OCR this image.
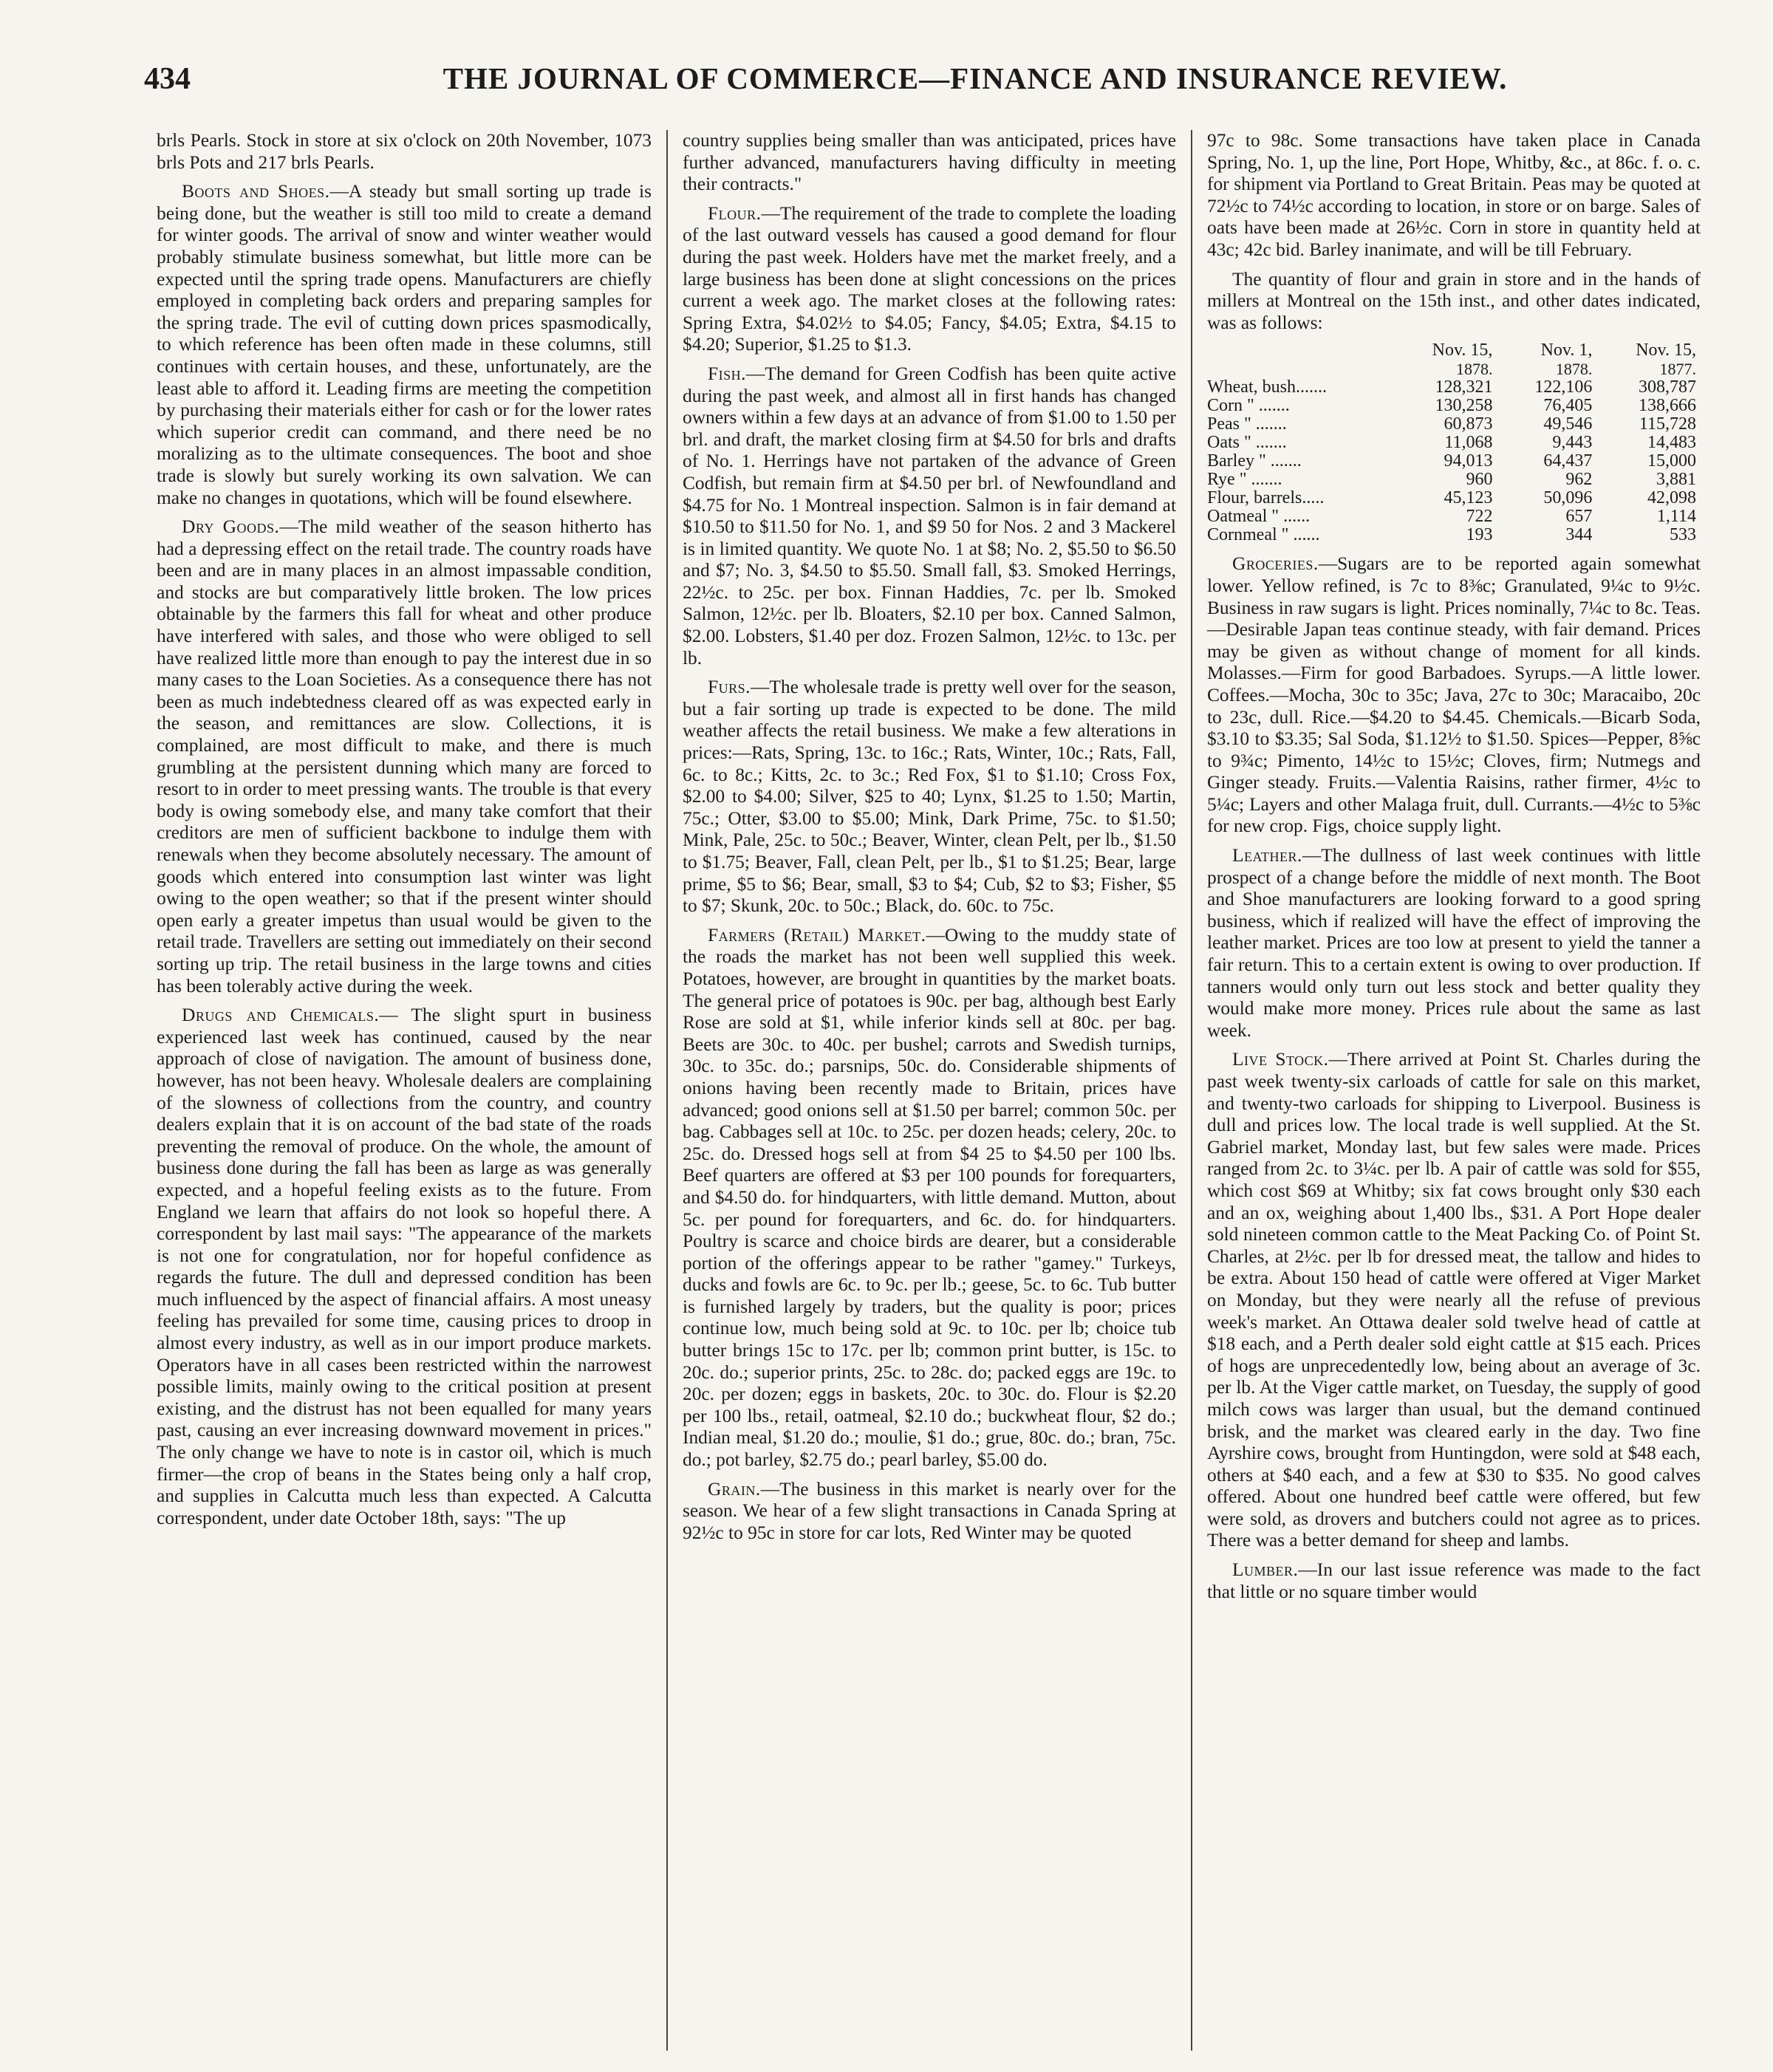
434	THE JOURNAL OF COMMERCE—FINANCE AND INSURANCE REVIEW.

brls Pearls. Stock in store at six o'clock on 20th November, 1073 brls Pots and 217 brls Pearls.

Boots and Shoes.—A steady but small sorting up trade is being done, but the weather is still too mild to create a demand for winter goods. The arrival of snow and winter weather would probably stimulate business somewhat, but little more can be expected until the spring trade opens. Manufacturers are chiefly employed in completing back orders and preparing samples for the spring trade. The evil of cutting down prices spasmodically, to which reference has been often made in these columns, still continues with certain houses, and these, unfortunately, are the least able to afford it. Leading firms are meeting the competition by purchasing their materials either for cash or for the lower rates which superior credit can command, and there need be no moralizing as to the ultimate consequences. The boot and shoe trade is slowly but surely working its own salvation. We can make no changes in quotations, which will be found elsewhere.

Dry Goods.—The mild weather of the season hitherto has had a depressing effect on the retail trade. The country roads have been and are in many places in an almost impassable condition, and stocks are but comparatively little broken. The low prices obtainable by the farmers this fall for wheat and other produce have interfered with sales, and those who were obliged to sell have realized little more than enough to pay the interest due in so many cases to the Loan Societies. As a consequence there has not been as much indebtedness cleared off as was expected early in the season, and remittances are slow. Collections, it is complained, are most difficult to make, and there is much grumbling at the persistent dunning which many are forced to resort to in order to meet pressing wants. The trouble is that every body is owing somebody else, and many take comfort that their creditors are men of sufficient backbone to indulge them with renewals when they become absolutely necessary. The amount of goods which entered into consumption last winter was light owing to the open weather; so that if the present winter should open early a greater impetus than usual would be given to the retail trade. Travellers are setting out immediately on their second sorting up trip. The retail business in the large towns and cities has been tolerably active during the week.

Drugs and Chemicals.— The slight spurt in business experienced last week has continued, caused by the near approach of close of navigation. The amount of business done, however, has not been heavy. Wholesale dealers are complaining of the slowness of collections from the country, and country dealers explain that it is on account of the bad state of the roads preventing the removal of produce. On the whole, the amount of business done during the fall has been as large as was generally expected, and a hopeful feeling exists as to the future. From England we learn that affairs do not look so hopeful there. A correspondent by last mail says: "The appearance of the markets is not one for congratulation, nor for hopeful confidence as regards the future. The dull and depressed condition has been much influenced by the aspect of financial affairs. A most uneasy feeling has prevailed for some time, causing prices to droop in almost every industry, as well as in our import produce markets. Operators have in all cases been restricted within the narrowest possible limits, mainly owing to the critical position at present existing, and the distrust has not been equalled for many years past, causing an ever increasing downward movement in prices." The only change we have to note is in castor oil, which is much firmer—the crop of beans in the States being only a half crop, and supplies in Calcutta much less than expected. A Calcutta correspondent, under date October 18th, says: "The up

country supplies being smaller than was anticipated, prices have further advanced, manufacturers having difficulty in meeting their contracts."

Flour.—The requirement of the trade to complete the loading of the last outward vessels has caused a good demand for flour during the past week. Holders have met the market freely, and a large business has been done at slight concessions on the prices current a week ago. The market closes at the following rates: Spring Extra, $4.02½ to $4.05; Fancy, $4.05; Extra, $4.15 to $4.20; Superior, $1.25 to $1.3.

Fish.—The demand for Green Codfish has been quite active during the past week, and almost all in first hands has changed owners within a few days at an advance of from $1.00 to 1.50 per brl. and draft, the market closing firm at $4.50 for brls and drafts of No. 1. Herrings have not partaken of the advance of Green Codfish, but remain firm at $4.50 per brl. of Newfoundland and $4.75 for No. 1 Montreal inspection. Salmon is in fair demand at $10.50 to $11.50 for No. 1, and $9 50 for Nos. 2 and 3 Mackerel is in limited quantity. We quote No. 1 at $8; No. 2, $5.50 to $6.50 and $7; No. 3, $4.50 to $5.50. Small fall, $3. Smoked Herrings, 22½c. to 25c. per box. Finnan Haddies, 7c. per lb. Smoked Salmon, 12½c. per lb. Bloaters, $2.10 per box. Canned Salmon, $2.00. Lobsters, $1.40 per doz. Frozen Salmon, 12½c. to 13c. per lb.

Furs.—The wholesale trade is pretty well over for the season, but a fair sorting up trade is expected to be done. The mild weather affects the retail business. We make a few alterations in prices:—Rats, Spring, 13c. to 16c.; Rats, Winter, 10c.; Rats, Fall, 6c. to 8c.; Kitts, 2c. to 3c.; Red Fox, $1 to $1.10; Cross Fox, $2.00 to $4.00; Silver, $25 to 40; Lynx, $1.25 to 1.50; Martin, 75c.; Otter, $3.00 to $5.00; Mink, Dark Prime, 75c. to $1.50; Mink, Pale, 25c. to 50c.; Beaver, Winter, clean Pelt, per lb., $1.50 to $1.75; Beaver, Fall, clean Pelt, per lb., $1 to $1.25; Bear, large prime, $5 to $6; Bear, small, $3 to $4; Cub, $2 to $3; Fisher, $5 to $7; Skunk, 20c. to 50c.; Black, do. 60c. to 75c.

Farmers (Retail) Market.—Owing to the muddy state of the roads the market has not been well supplied this week. Potatoes, however, are brought in quantities by the market boats. The general price of potatoes is 90c. per bag, although best Early Rose are sold at $1, while inferior kinds sell at 80c. per bag. Beets are 30c. to 40c. per bushel; carrots and Swedish turnips, 30c. to 35c. do.; parsnips, 50c. do. Considerable shipments of onions having been recently made to Britain, prices have advanced; good onions sell at $1.50 per barrel; common 50c. per bag. Cabbages sell at 10c. to 25c. per dozen heads; celery, 20c. to 25c. do. Dressed hogs sell at from $4 25 to $4.50 per 100 lbs. Beef quarters are offered at $3 per 100 pounds for forequarters, and $4.50 do. for hindquarters, with little demand. Mutton, about 5c. per pound for forequarters, and 6c. do. for hindquarters. Poultry is scarce and choice birds are dearer, but a considerable portion of the offerings appear to be rather "gamey." Turkeys, ducks and fowls are 6c. to 9c. per lb.; geese, 5c. to 6c. Tub butter is furnished largely by traders, but the quality is poor; prices continue low, much being sold at 9c. to 10c. per lb; choice tub butter brings 15c to 17c. per lb; common print butter, is 15c. to 20c. do.; superior prints, 25c. to 28c. do; packed eggs are 19c. to 20c. per dozen; eggs in baskets, 20c. to 30c. do. Flour is $2.20 per 100 lbs., retail, oatmeal, $2.10 do.; buckwheat flour, $2 do.; Indian meal, $1.20 do.; moulie, $1 do.; grue, 80c. do.; bran, 75c. do.; pot barley, $2.75 do.; pearl barley, $5.00 do.

Grain.—The business in this market is nearly over for the season. We hear of a few slight transactions in Canada Spring at 92½c to 95c in store for car lots, Red Winter may be quoted

97c to 98c. Some transactions have taken place in Canada Spring, No. 1, up the line, Port Hope, Whitby, &c., at 86c. f. o. c. for shipment via Portland to Great Britain. Peas may be quoted at 72½c to 74½c according to location, in store or on barge. Sales of oats have been made at 26½c. Corn in store in quantity held at 43c; 42c bid. Barley inanimate, and will be till February.

The quantity of flour and grain in store and in the hands of millers at Montreal on the 15th inst., and other dates indicated, was as follows:

	Nov. 15,	Nov. 1,	Nov. 15,
	1878.	1878.	1877.
Wheat, bush.......	128,321	122,106	308,787
Corn " .......	130,258	76,405	138,666
Peas " .......	60,873	49,546	115,728
Oats " .......	11,068	9,443	14,483
Barley " .......	94,013	64,437	15,000
Rye " .......	960	962	3,881
Flour, barrels.....	45,123	50,096	42,098
Oatmeal " ......	722	657	1,114
Cornmeal " ......	193	344	533

Groceries.—Sugars are to be reported again somewhat lower. Yellow refined, is 7c to 8⅜c; Granulated, 9¼c to 9½c. Business in raw sugars is light. Prices nominally, 7¼c to 8c. Teas.—Desirable Japan teas continue steady, with fair demand. Prices may be given as without change of moment for all kinds. Molasses.—Firm for good Barbadoes. Syrups.—A little lower. Coffees.—Mocha, 30c to 35c; Java, 27c to 30c; Maracaibo, 20c to 23c, dull. Rice.—$4.20 to $4.45. Chemicals.—Bicarb Soda, $3.10 to $3.35; Sal Soda, $1.12½ to $1.50. Spices—Pepper, 8⅝c to 9¾c; Pimento, 14½c to 15½c; Cloves, firm; Nutmegs and Ginger steady. Fruits.—Valentia Raisins, rather firmer, 4½c to 5¼c; Layers and other Malaga fruit, dull. Currants.—4½c to 5⅜c for new crop. Figs, choice supply light.

Leather.—The dullness of last week continues with little prospect of a change before the middle of next month. The Boot and Shoe manufacturers are looking forward to a good spring business, which if realized will have the effect of improving the leather market. Prices are too low at present to yield the tanner a fair return. This to a certain extent is owing to over production. If tanners would only turn out less stock and better quality they would make more money. Prices rule about the same as last week.

Live Stock.—There arrived at Point St. Charles during the past week twenty-six carloads of cattle for sale on this market, and twenty-two carloads for shipping to Liverpool. Business is dull and prices low. The local trade is well supplied. At the St. Gabriel market, Monday last, but few sales were made. Prices ranged from 2c. to 3¼c. per lb. A pair of cattle was sold for $55, which cost $69 at Whitby; six fat cows brought only $30 each and an ox, weighing about 1,400 lbs., $31. A Port Hope dealer sold nineteen common cattle to the Meat Packing Co. of Point St. Charles, at 2½c. per lb for dressed meat, the tallow and hides to be extra. About 150 head of cattle were offered at Viger Market on Monday, but they were nearly all the refuse of previous week's market. An Ottawa dealer sold twelve head of cattle at $18 each, and a Perth dealer sold eight cattle at $15 each. Prices of hogs are unprecedentedly low, being about an average of 3c. per lb. At the Viger cattle market, on Tuesday, the supply of good milch cows was larger than usual, but the demand continued brisk, and the market was cleared early in the day. Two fine Ayrshire cows, brought from Huntingdon, were sold at $48 each, others at $40 each, and a few at $30 to $35. No good calves offered. About one hundred beef cattle were offered, but few were sold, as drovers and butchers could not agree as to prices. There was a better demand for sheep and lambs.

Lumber.—In our last issue reference was made to the fact that little or no square timber would
